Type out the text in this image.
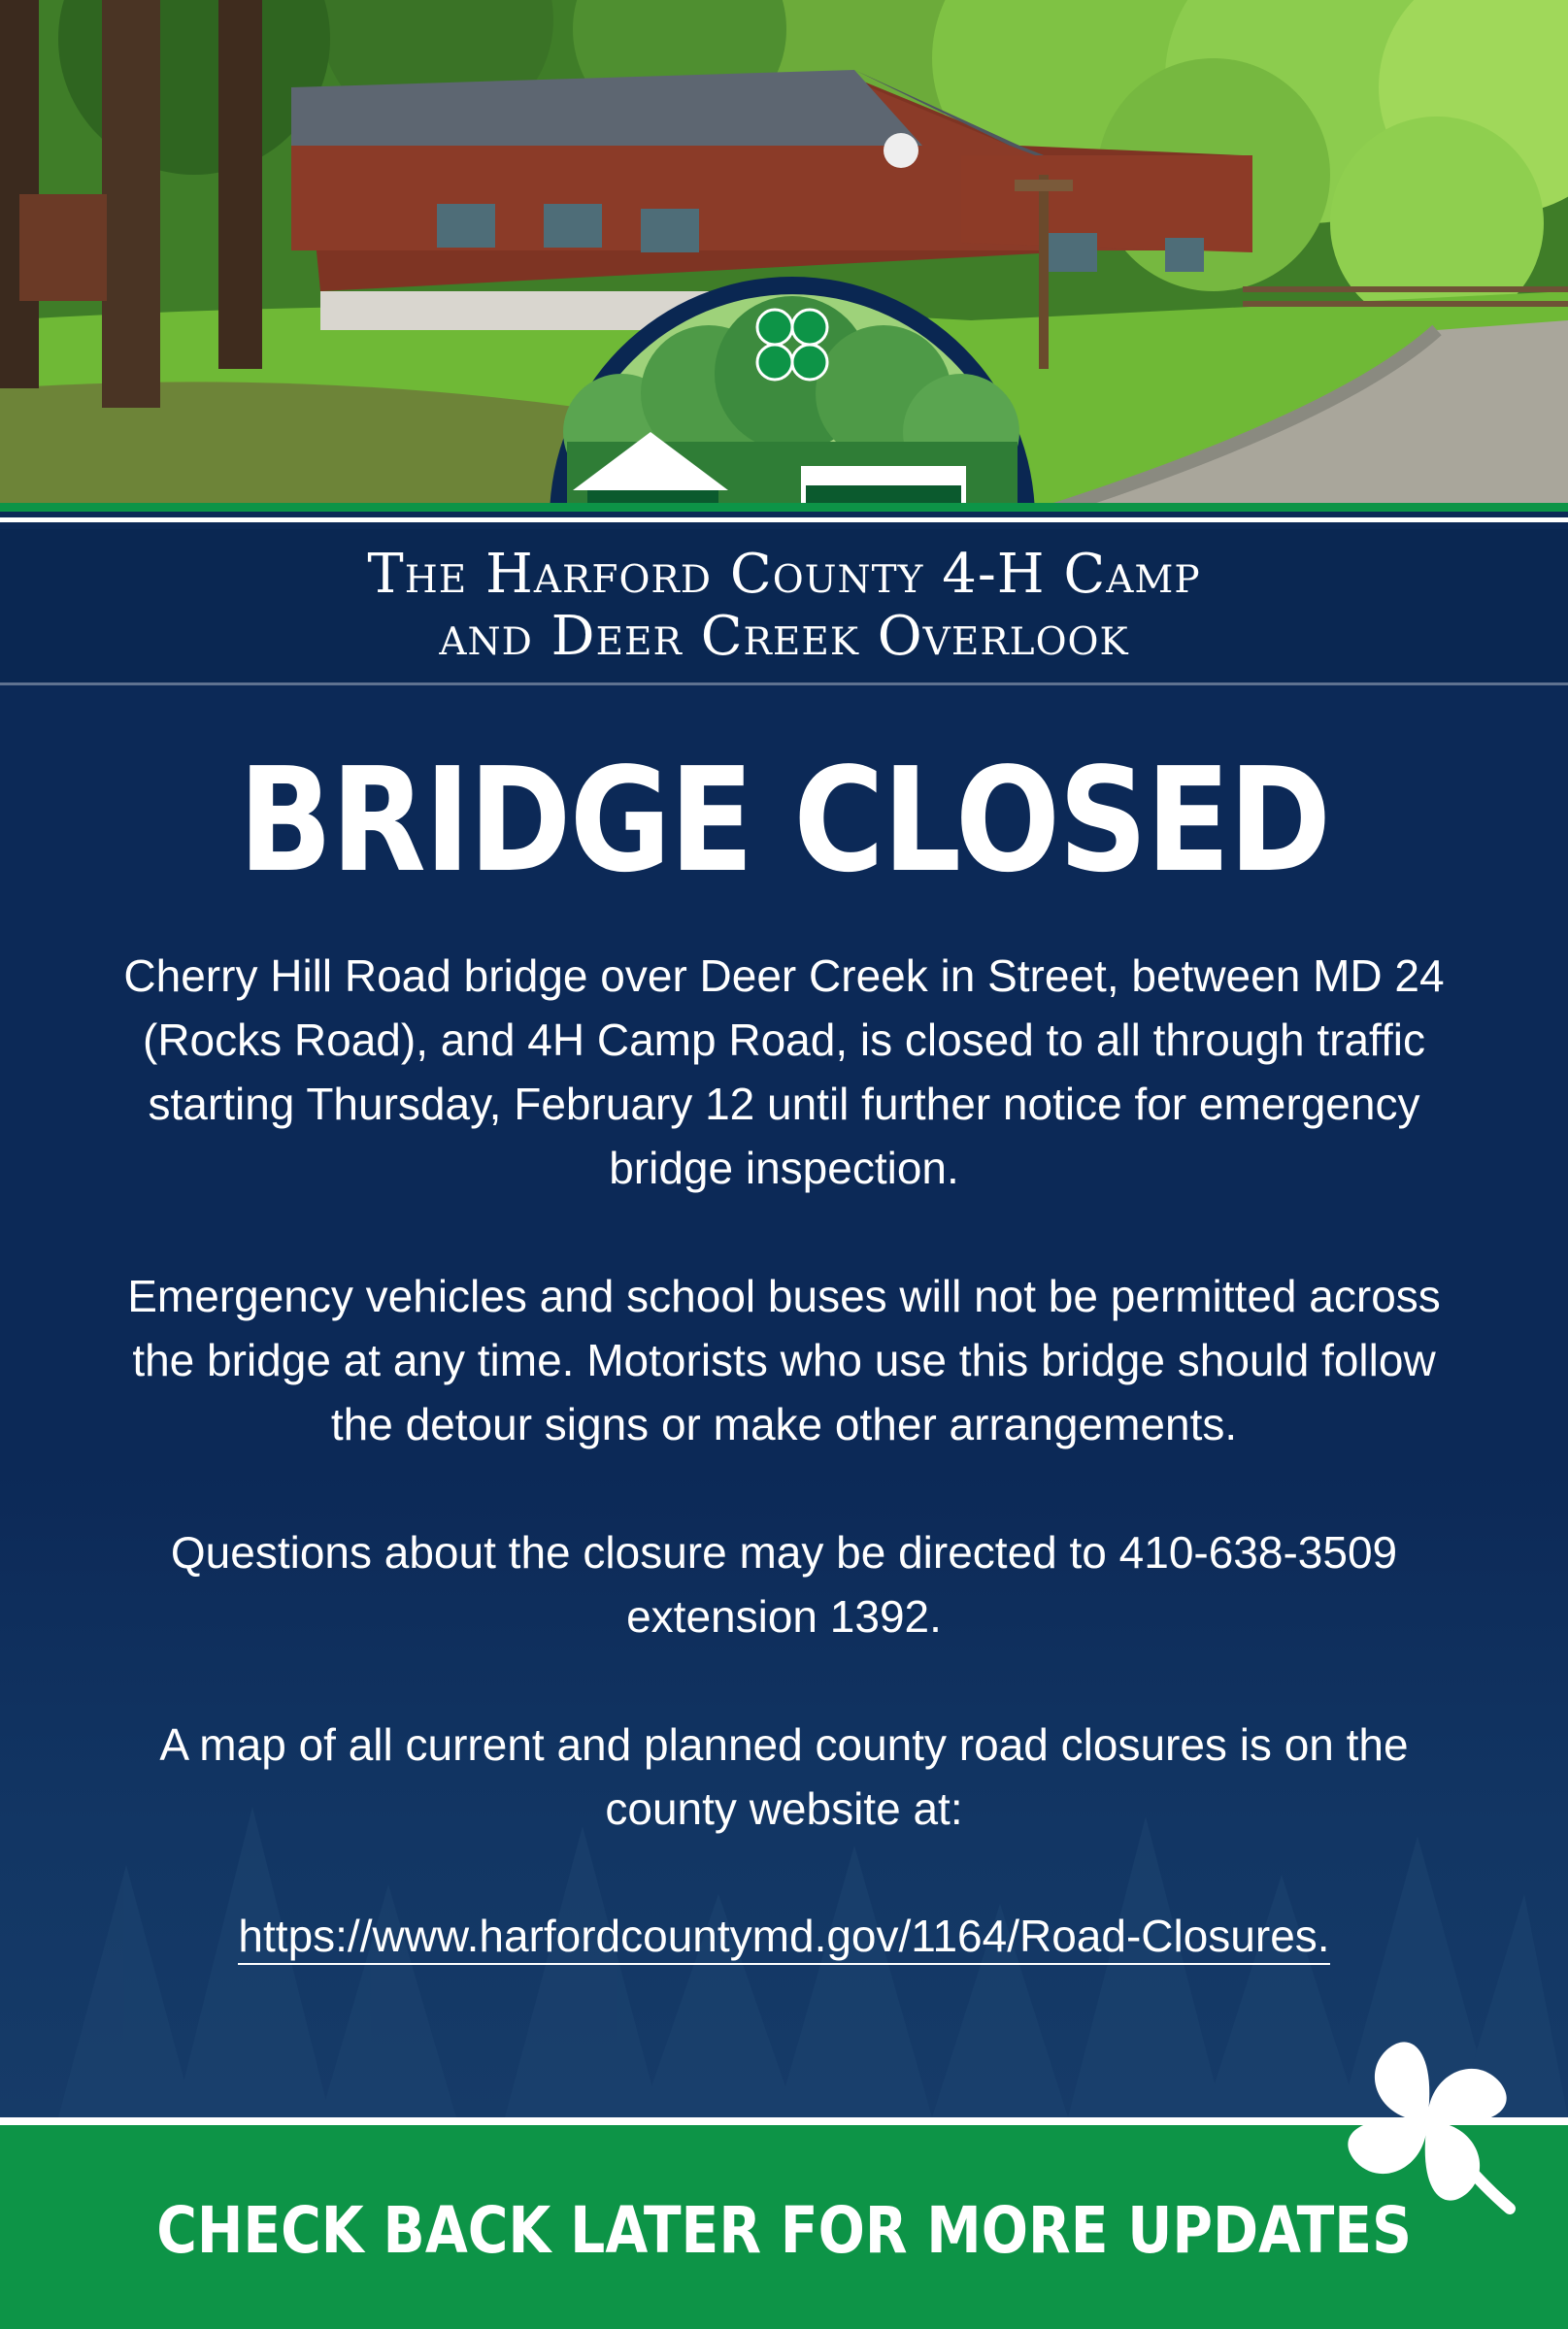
The Harford County 4-H Camp
and Deer Creek Overlook
BRIDGE CLOSED
Cherry Hill Road bridge over Deer Creek in Street, between MD 24 (Rocks Road), and 4H Camp Road, is closed to all through traffic starting Thursday, February 12 until further notice for emergency bridge inspection.
Emergency vehicles and school buses will not be permitted across the bridge at any time. Motorists who use this bridge should follow the detour signs or make other arrangements.
Questions about the closure may be directed to 410-638-3509 extension 1392.
A map of all current and planned county road closures is on the county website at:
https://www.harfordcountymd.gov/1164/Road-Closures.
CHECK BACK LATER FOR MORE UPDATES
